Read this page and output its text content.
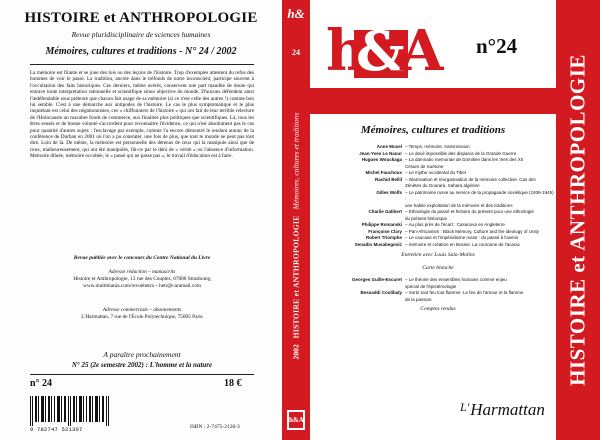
HISTOIRE et ANTHROPOLOGIE
Revue pluridisciplinaire de sciences humaines
Mémoires, cultures et traditions - N° 24 / 2002

La mémoire est filante et se joue des lois ou des leçons de l'histoire. Trop d'exemples attestent du refus des hommes de voir le passé. La tradition, ancrée dans le tréfonds de notre inconscient, participe souvent à l'occultation des faits historiques. Ces derniers, même avérés, conservent une part maudite de doute qui entrave toute interprétation rationnelle et scientifique sinon objective du monde. D'aucuns défendent ainsi l'indéfendable sous prétexte que chacun fait usage de sa mémoire (si ce n'est celle des autres !) comme bon lui semble. C'est à une démarche aux antipodes de l'histoire. Le cas le plus symptomatique et le plus inquiétant est celui des négationnistes, ces « chiffonniers de l'histoire » qui ont fait de leur terrible relecture de l'Holocauste un macabre fonds de commerce, aux finalités plus politiques que scientifiques. Là, tous les êtres sensés et de bonne volonté s'accordent pour reconnaître l'évidence, ce qui n'est absolument pas le cas pour quantité d'autres sujets : l'esclavage par exemple, comme l'a encore démontré le rendant autour de la conférence de Durban en 2001 où l'on a pu constater, une fois de plus, que tout le monde ne peut pas tout dire. Loin de là. De même, la mémoire est personnelle des détenus de ceux qui la manipule ainsi que de ceux, malheureusement, qui ont été manipulés, fût-ce par le déni de « vérité » ou l'absence d'information. Mémoire diluée, mémoire occultée, le « passé qui ne passe pas », le travail d'éducation est à faire.

Revue publiée avec le concours du Centre National du Livre
Adresse rédaction – manuscrits
Histoire et Anthropologie, 13 rue des Couples, 67000 Strasbourg
www.multimania.com/revuehetra – hetr@caramail.com
Adresse commerciale – abonnements
L'Harmattan, 7 rue de l'École Polytechnique, 75005 Paris
A paraître prochainement
N° 25 (2e semestre 2002) : L'homme et la nature
n° 24	18 €
9 782747 521307	ISBN : 2-7475-2130-3
h&
24
2002 HISTOIRE et ANTHROPOLOGIE Mémoires, cultures et traditions
h&A
HISTOIRE et ANTHROPOLOGIE
h
&
A n°24
Mémoires, cultures et traditions
Anne Muxel – Temps, mémoire, transmission
Jean-Yves Le Naour – Le deuil impossible des disparus de la Grande Guerre
Hugues Wouckaga – La damnatio memoriae de Domitien dans les Vies des XII
Césars de Suétone
Michel Fauchoux – Le mythe occidental du Tibet
Rachid Bellil – Islamisation et réorganisation de la mémoire collective. Cas des
Zénètes du Gourara, Sahara algérien
Gilles Wolfs – Le patrimoine russe au service de la propagande soviétique (1936-1945) :
une habile exploitation de la mémoire et des traditions
Charlie Galibert – Ethnologie du passé et histoire du présent pour une ethnologie
du présent historique
Philippe Romanski – Au plus près de l'écart : Casanova en Angleterre
Françoise Clary – Pan-Africanism : Black Memory, Culture and the ideology of Unity
Robert Triomphe – Le caucase et l'impérialisme russe : du passé à l'avenir
Senadin Musabegović – mémoire et création en Bosnie. La couronne de l'acacia
Entretien avec Louis Sala-Molins
Carte blanche
Georges Guille-Escuret – Le théorie des ensembles humains comme enjeu
spécial de l'épistémologie
Bessaddi Coulibaly – Sortir tout feu tout flamme. Le feu de l'amour et la flamme
de la passion
Comptes rendus
$^{L'}$Harmattan
